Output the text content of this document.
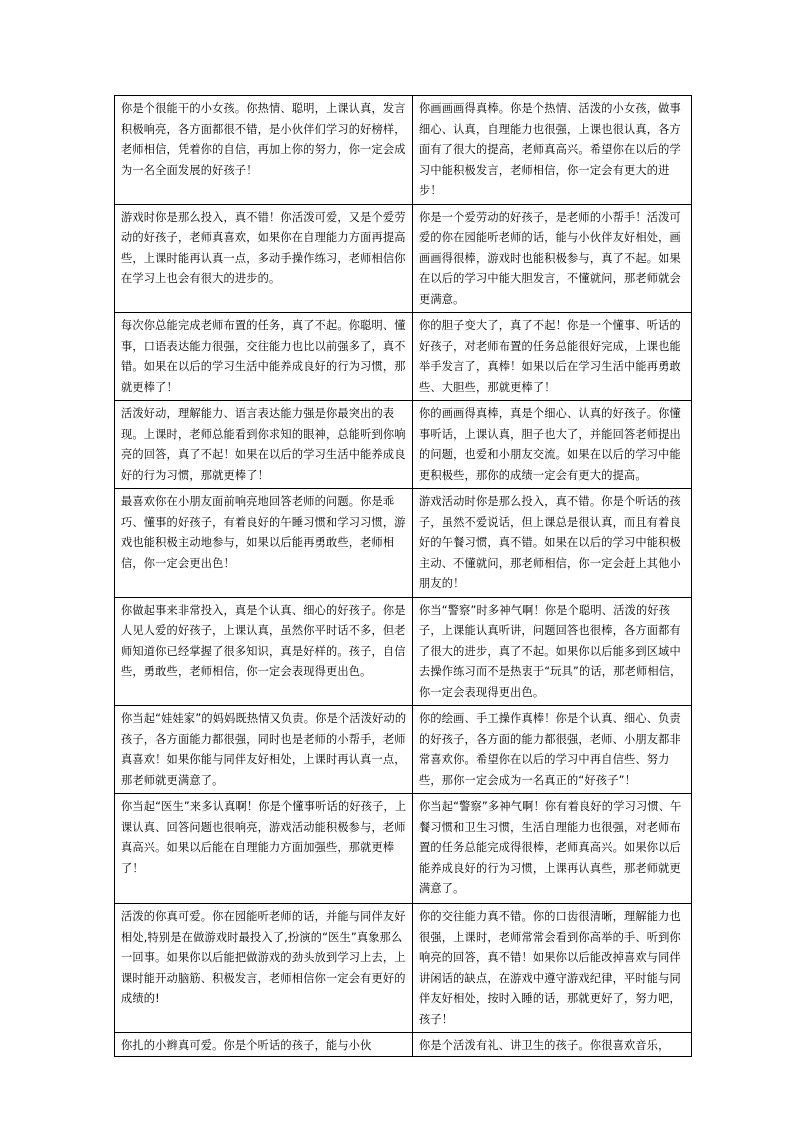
你是个很能干的小女孩。你热情、聪明，上课认真，发言积极响亮，各方面都很不错，是小伙伴们学习的好榜样，老师相信，凭着你的自信，再加上你的努力，你一定会成为一名全面发展的好孩子！	你画画画得真棒。你是个热情、活泼的小女孩，做事细心、认真，自理能力也很强，上课也很认真，各方面有了很大的提高，老师真高兴。希望你在以后的学习中能积极发言，老师相信，你一定会有更大的进步！
游戏时你是那么投入，真不错！你活泼可爱，又是个爱劳动的好孩子，老师真喜欢，如果你在自理能力方面再提高些，上课时能再认真一点，多动手操作练习，老师相信你在学习上也会有很大的进步的。	你是一个爱劳动的好孩子，是老师的小帮手！活泼可爱的你在园能听老师的话，能与小伙伴友好相处，画画画得很棒，游戏时也能积极参与，真了不起。如果在以后的学习中能大胆发言，不懂就问，那老师就会更满意。
每次你总能完成老师布置的任务，真了不起。你聪明、懂事，口语表达能力很强，交往能力也比以前强多了，真不错。如果在以后的学习生活中能养成良好的行为习惯，那就更棒了！	你的胆子变大了，真了不起！你是一个懂事、听话的好孩子，对老师布置的任务总能很好完成，上课也能举手发言了，真棒！如果以后在学习生活中能再勇敢些、大胆些，那就更棒了！
活泼好动，理解能力、语言表达能力强是你最突出的表现。上课时，老师总能看到你求知的眼神，总能听到你响亮的回答，真了不起！如果在以后的学习生活中能养成良好的行为习惯，那就更棒了！	你的画画得真棒，真是个细心、认真的好孩子。你懂事听话，上课认真，胆子也大了，并能回答老师提出的问题，也爱和小朋友交流。如果在以后的学习中能更积极些，那你的成绩一定会有更大的提高。
最喜欢你在小朋友面前响亮地回答老师的问题。你是乖巧、懂事的好孩子，有着良好的午睡习惯和学习习惯，游戏也能积极主动地参与，如果以后能再勇敢些，老师相信，你一定会更出色！	游戏活动时你是那么投入，真不错。你是个听话的孩子，虽然不爱说话，但上课总是很认真，而且有着良好的午餐习惯，真不错。如果在以后的学习中能积极主动、不懂就问，那老师相信，你一定会赶上其他小朋友的！
你做起事来非常投入，真是个认真、细心的好孩子。你是人见人爱的好孩子，上课认真，虽然你平时话不多，但老师知道你已经掌握了很多知识，真是好样的。孩子，自信些，勇敢些，老师相信，你一定会表现得更出色。	你当“警察”时多神气啊！你是个聪明、活泼的好孩子，上课能认真听讲，问题回答也很棒，各方面都有了很大的进步，真了不起。如果你以后能多到区域中去操作练习而不是热衷于“玩具”的话，那老师相信，你一定会表现得更出色。
你当起“娃娃家”的妈妈既热情又负责。你是个活泼好动的孩子，各方面能力都很强，同时也是老师的小帮手，老师真喜欢！如果你能与同伴友好相处，上课时再认真一点，那老师就更满意了。	你的绘画、手工操作真棒！你是个认真、细心、负责的好孩子，各方面的能力都很强，老师、小朋友都非常喜欢你。希望你在以后的学习中再自信些、努力些，那你一定会成为一名真正的“好孩子”！
你当起“医生”来多认真啊！你是个懂事听话的好孩子，上课认真、回答问题也很响亮，游戏活动能积极参与，老师真高兴。如果以后能在自理能力方面加强些，那就更棒了！	你当起“警察”多神气啊！你有着良好的学习习惯、午餐习惯和卫生习惯，生活自理能力也很强，对老师布置的任务总能完成得很棒，老师真高兴。如果你以后能养成良好的行为习惯，上课再认真些，那老师就更满意了。
活泼的你真可爱。你在园能听老师的话，并能与同伴友好相处,特别是在做游戏时最投入了,扮演的“医生”真象那么一回事。如果你以后能把做游戏的劲头放到学习上去，上课时能开动脑筋、积极发言，老师相信你一定会有更好的成绩的!	你的交往能力真不错。你的口齿很清晰，理解能力也很强，上课时，老师常常会看到你高举的手、听到你响亮的回答，真不错！如果你以后能改掉喜欢与同伴讲闲话的缺点，在游戏中遵守游戏纪律，平时能与同伴友好相处，按时入睡的话，那就更好了，努力吧，孩子！

你扎的小辫真可爱。你是个听话的孩子，能与小伙	你是个活泼有礼、讲卫生的孩子。你很喜欢音乐，
